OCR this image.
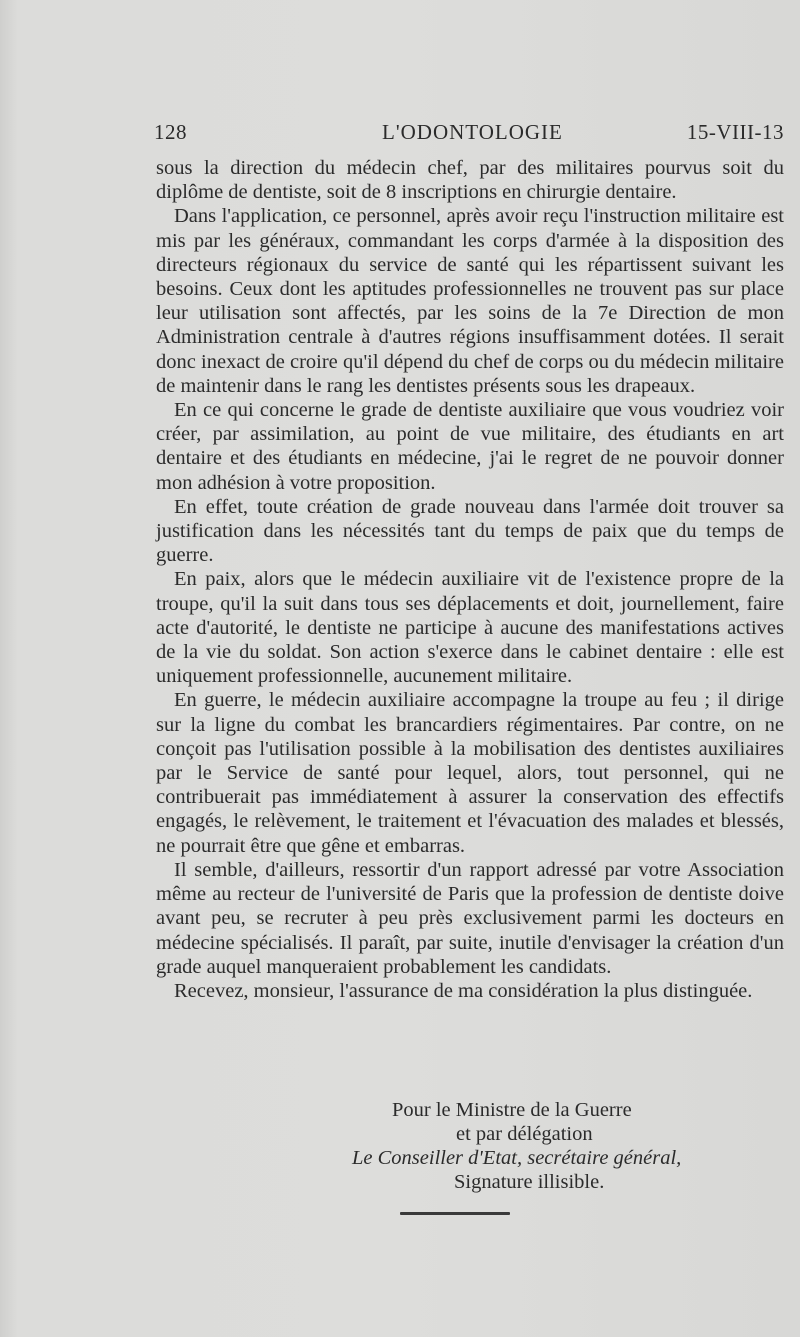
128	L'ODONTOLOGIE	15-VIII-13

sous la direction du médecin chef, par des militaires pourvus soit du diplôme de dentiste, soit de 8 inscriptions en chirurgie dentaire.

Dans l'application, ce personnel, après avoir reçu l'instruction militaire est mis par les généraux, commandant les corps d'armée à la disposition des directeurs régionaux du service de santé qui les répartissent suivant les besoins. Ceux dont les aptitudes professionnelles ne trouvent pas sur place leur utilisation sont affectés, par les soins de la 7e Direction de mon Administration centrale à d'autres régions insuffisamment dotées. Il serait donc inexact de croire qu'il dépend du chef de corps ou du médecin militaire de maintenir dans le rang les dentistes présents sous les drapeaux.

En ce qui concerne le grade de dentiste auxiliaire que vous voudriez voir créer, par assimilation, au point de vue militaire, des étudiants en art dentaire et des étudiants en médecine, j'ai le regret de ne pouvoir donner mon adhésion à votre proposition.

En effet, toute création de grade nouveau dans l'armée doit trouver sa justification dans les nécessités tant du temps de paix que du temps de guerre.

En paix, alors que le médecin auxiliaire vit de l'existence propre de la troupe, qu'il la suit dans tous ses déplacements et doit, journellement, faire acte d'autorité, le dentiste ne participe à aucune des manifestations actives de la vie du soldat. Son action s'exerce dans le cabinet dentaire : elle est uniquement professionnelle, aucunement militaire.

En guerre, le médecin auxiliaire accompagne la troupe au feu ; il dirige sur la ligne du combat les brancardiers régimentaires. Par contre, on ne conçoit pas l'utilisation possible à la mobilisation des dentistes auxiliaires par le Service de santé pour lequel, alors, tout personnel, qui ne contribuerait pas immédiatement à assurer la conservation des effectifs engagés, le relèvement, le traitement et l'évacuation des malades et blessés, ne pourrait être que gêne et embarras.

Il semble, d'ailleurs, ressortir d'un rapport adressé par votre Association même au recteur de l'université de Paris que la profession de dentiste doive avant peu, se recruter à peu près exclusivement parmi les docteurs en médecine spécialisés. Il paraît, par suite, inutile d'envisager la création d'un grade auquel manqueraient probablement les candidats.

Recevez, monsieur, l'assurance de ma considération la plus distinguée.

Pour le Ministre de la Guerre
et par délégation
Le Conseiller d'Etat, secrétaire général,
Signature illisible.
